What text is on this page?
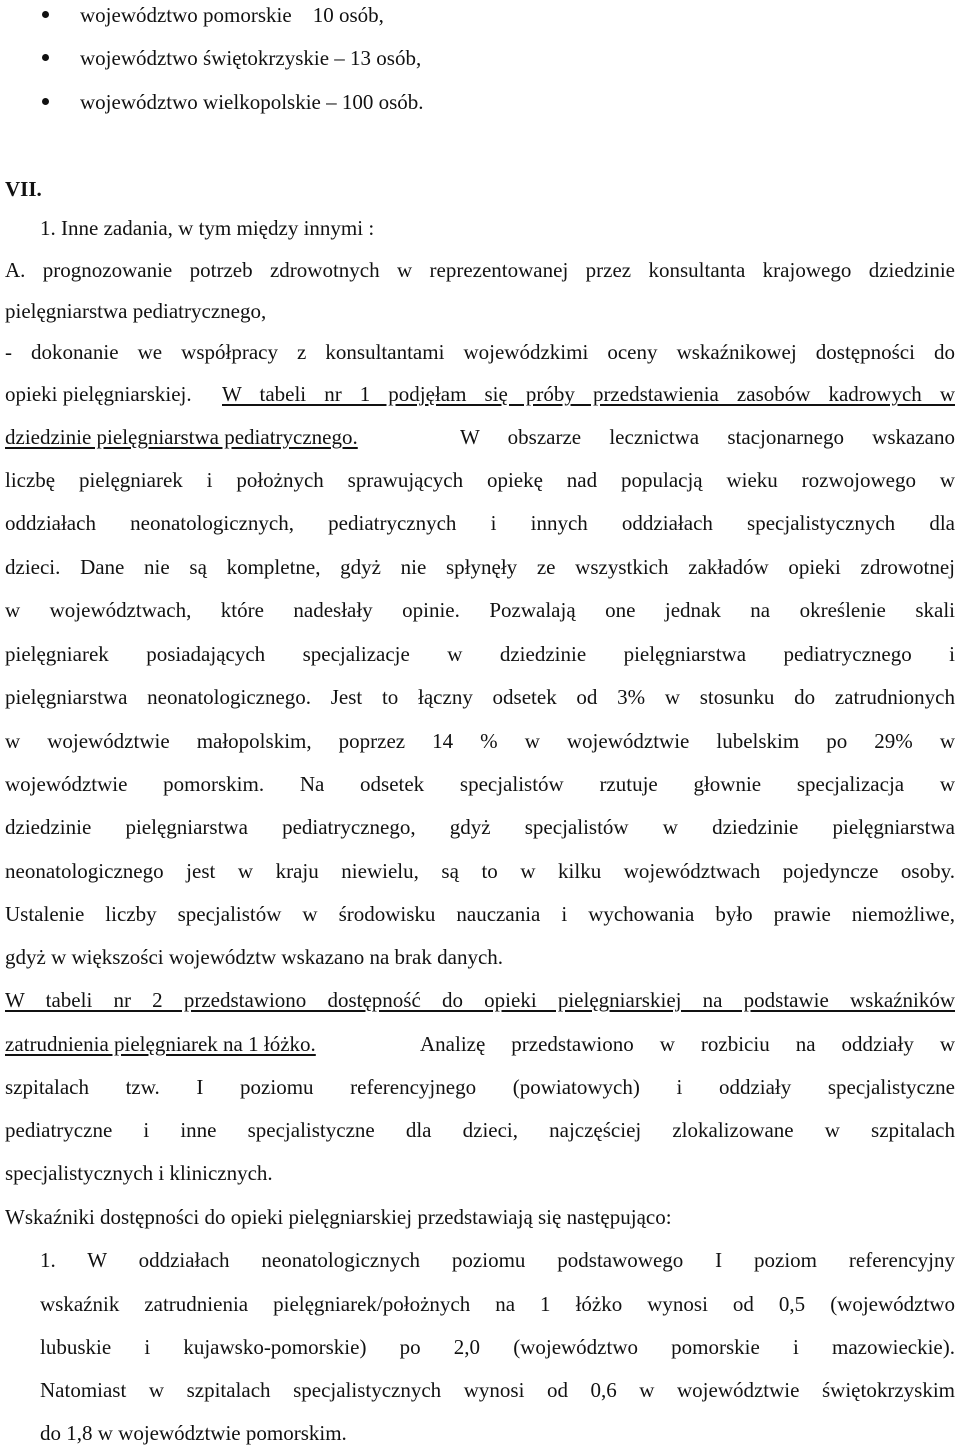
województwo pomorskie   10 osób,
województwo świętokrzyskie – 13 osób,
województwo wielkopolskie – 100 osób.
VII.
1. Inne zadania, w tym między innymi :
A. prognozowanie potrzeb zdrowotnych w reprezentowanej przez konsultanta krajowego dziedzinie
pielęgniarstwa pediatrycznego,
- dokonanie we współpracy z konsultantami wojewódzkimi oceny wskaźnikowej dostępności do
opieki pielęgniarskiej. W tabeli nr 1 podjęłam się próby przedstawienia zasobów kadrowych w
dziedzinie pielęgniarstwa pediatrycznego.	W obszarze lecznictwa stacjonarnego wskazano
liczbę pielęgniarek i położnych sprawujących opiekę nad populacją wieku rozwojowego w
oddziałach neonatologicznych, pediatrycznych i innych oddziałach specjalistycznych dla
dzieci. Dane nie są kompletne, gdyż nie spłynęły ze wszystkich zakładów opieki zdrowotnej
w województwach, które nadesłały opinie. Pozwalają one jednak na określenie skali
pielęgniarek posiadających specjalizacje w dziedzinie pielęgniarstwa pediatrycznego i
pielęgniarstwa neonatologicznego. Jest to łączny odsetek od 3% w stosunku do zatrudnionych
w województwie małopolskim, poprzez 14 % w województwie lubelskim po 29% w
województwie pomorskim. Na odsetek specjalistów rzutuje głownie specjalizacja w
dziedzinie pielęgniarstwa pediatrycznego, gdyż specjalistów w dziedzinie pielęgniarstwa
neonatologicznego jest w kraju niewielu, są to w kilku województwach pojedyncze osoby.
Ustalenie liczby specjalistów w środowisku nauczania i wychowania było prawie niemożliwe,
gdyż w większości województw wskazano na brak danych.
W tabeli nr 2 przedstawiono dostępność do opieki pielęgniarskiej na podstawie wskaźników
zatrudnienia pielęgniarek na 1 łóżko.	Analizę przedstawiono w rozbiciu na oddziały w
szpitalach tzw. I poziomu referencyjnego (powiatowych) i oddziały specjalistyczne
pediatryczne i inne specjalistyczne dla dzieci, najczęściej zlokalizowane w szpitalach
specjalistycznych i klinicznych.
Wskaźniki dostępności do opieki pielęgniarskiej przedstawiają się następująco:
1. W oddziałach neonatologicznych poziomu podstawowego I poziom referencyjny
wskaźnik zatrudnienia pielęgniarek/położnych na 1 łóżko wynosi od 0,5 (województwo
lubuskie i kujawsko-pomorskie) po 2,0 (województwo pomorskie i mazowieckie).
Natomiast w szpitalach specjalistycznych wynosi od 0,6 w województwie świętokrzyskim
do 1,8 w województwie pomorskim.
